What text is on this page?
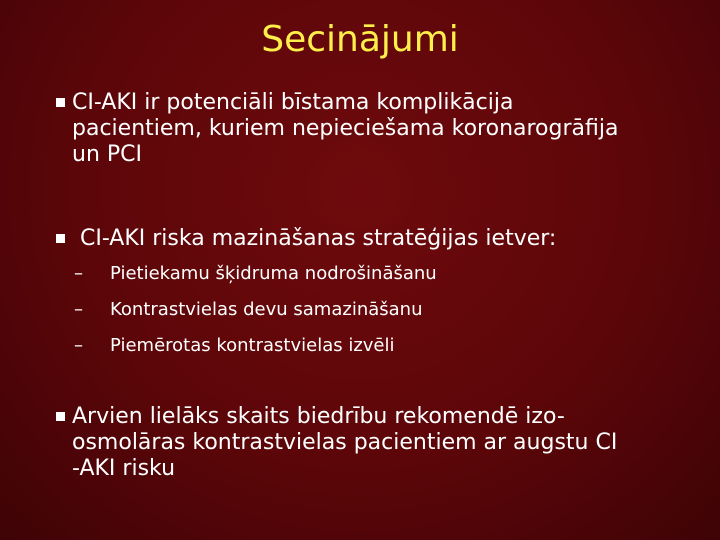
Secinājumi
CI-AKI ir potenciāli bīstama komplikācija
pacientiem, kuriem nepieciešama koronarogrāfija
un PCI
CI-AKI riska mazināšanas stratēģijas ietver:
– Pietiekamu šķidruma nodrošināšanu
– Kontrastvielas devu samazināšanu
– Piemērotas kontrastvielas izvēli
Arvien lielāks skaits biedrību rekomendē izo-
osmolāras kontrastvielas pacientiem ar augstu CI
-AKI risku
